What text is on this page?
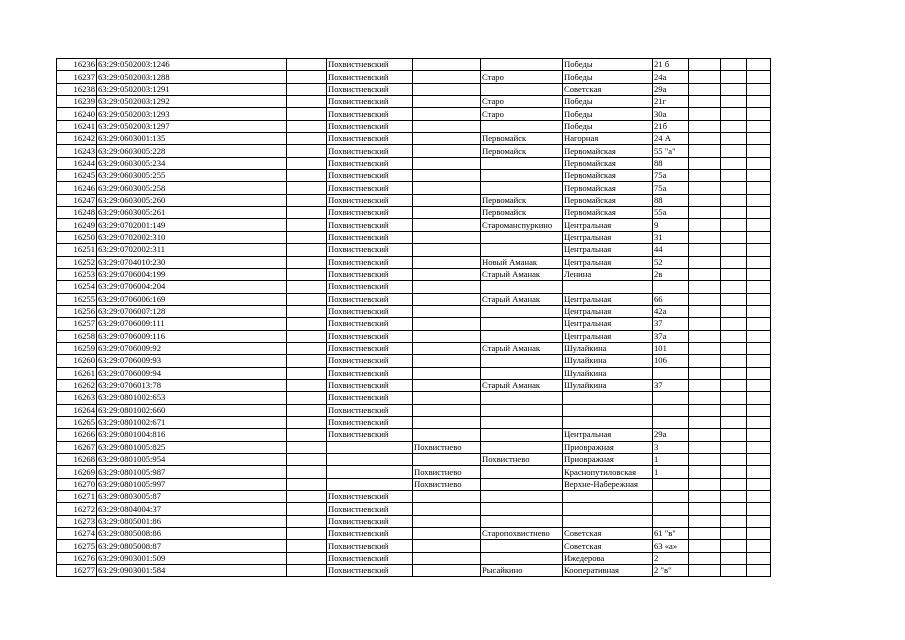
16236	63:29:0502003:1246		Похвистневский			Победы	21 б			
16237	63:29:0502003:1288		Похвистневский		Старо	Победы	24а			
16238	63:29:0502003:1291		Похвистневский			Советская	29а			
16239	63:29:0502003:1292		Похвистневский		Старо	Победы	21г			
16240	63:29:0502003:1293		Похвистневский		Старо	Победы	30а			
16241	63:29:0502003:1297		Похвистневский			Победы	21б			
16242	63:29:0603001:135		Похвистневский		Первомайск	Нагорная	24 А			
16243	63:29:0603005:228		Похвистневский		Первомайск	Первомайская	55 "а"			
16244	63:29:0603005:234		Похвистневский			Первомайская	88			
16245	63:29:0603005:255		Похвистневский			Первомайская	75а			
16246	63:29:0603005:258		Похвистневский			Первомайская	75а			
16247	63:29:0603005:260		Похвистневский		Первомайск	Первомайская	88			
16248	63:29:0603005:261		Похвистневский		Первомайск	Первомайская	55а			
16249	63:29:0702001:149		Похвистневский		Староманспуркино	Центральная	9			
16250	63:29:0702002:310		Похвистневский			Центральная	31			
16251	63:29:0702002:311		Похвистневский			Центральная	44			
16252	63:29:0704010:230		Похвистневский		Новый Аманак	Центральная	52			
16253	63:29:0706004:199		Похвистневский		Старый Аманак	Ленина	2в			
16254	63:29:0706004:204		Похвистневский							
16255	63:29:0706006:169		Похвистневский		Старый Аманак	Центральная	66			
16256	63:29:0706007:128		Похвистневский			Центральная	42а			
16257	63:29:0706009:111		Похвистневский			Центральная	37			
16258	63:29:0706009:116		Похвистневский			Центральная	37а			
16259	63:29:0706009:92		Похвистневский		Старый Аманак	Шулайкина	101			
16260	63:29:0706009:93		Похвистневский			Шулайкина	106			
16261	63:29:0706009:94		Похвистневский			Шулайкина				
16262	63:29:0706013:78		Похвистневский		Старый Аманак	Шулайкина	37			
16263	63:29:0801002:653		Похвистневский							
16264	63:29:0801002:660		Похвистневский							
16265	63:29:0801002:671		Похвистневский							
16266	63:29:0801004:816		Похвистневский			Центральная	29а			
16267	63:29:0801005:825			Похвистнево		Приовражная	3			
16268	63:29:0801005:954				Похвистнево	Приовражная	1			
16269	63:29:0801005:987			Похвистнево		Краснопутиловская	1			
16270	63:29:0801005:997			Похвистнево		Верхне-Набережная				
16271	63:29:0803005:87		Похвистневский							
16272	63:29:0804004:37		Похвистневский							
16273	63:29:0805001:86		Похвистневский							
16274	63:29:0805008:86		Похвистневский		Старопохвистнево	Советская	61 "в"			
16275	63:29:0805008:87		Похвистневский			Советская	63 «а»			
16276	63:29:0903001:509		Похвистневский			Ижедерова	2			
16277	63:29:0903001:584		Похвистневский		Рысайкино	Кооперативная	2 "в"			
